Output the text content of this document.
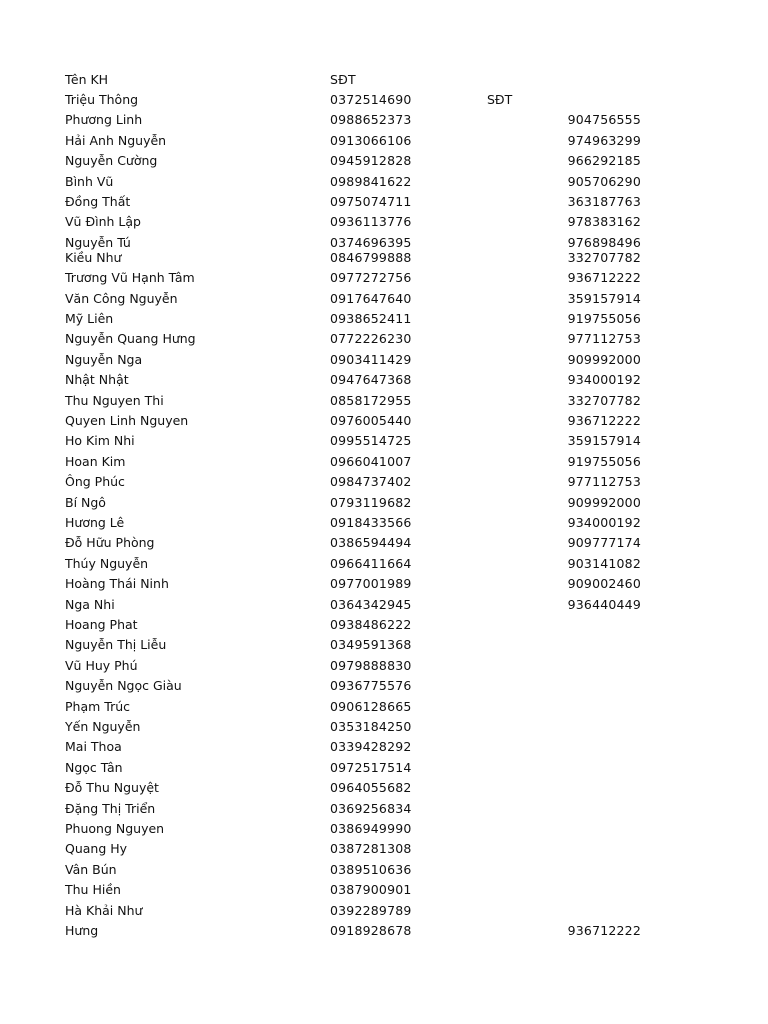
Tên KH	SĐT
Triệu Thông	0372514690	SĐT
Phương Linh	0988652373	904756555
Hải Anh Nguyễn	0913066106	974963299
Nguyễn Cường	0945912828	966292185
Bình Vũ	0989841622	905706290
Đồng Thất	0975074711	363187763
Vũ Đình Lập	0936113776	978383162
Nguyễn Tú	0374696395	976898496
Kiều Như	0846799888	332707782
Trương Vũ Hạnh Tâm	0977272756	936712222
Văn Công Nguyễn	0917647640	359157914
Mỹ Liên	0938652411	919755056
Nguyễn Quang Hưng	0772226230	977112753
Nguyễn Nga	0903411429	909992000
Nhật Nhật	0947647368	934000192
Thu Nguyen Thi	0858172955	332707782
Quyen Linh Nguyen	0976005440	936712222
Ho Kim Nhi	0995514725	359157914
Hoan Kim	0966041007	919755056
Ông Phúc	0984737402	977112753
Bí Ngô	0793119682	909992000
Hương Lê	0918433566	934000192
Đỗ Hữu Phòng	0386594494	909777174
Thúy Nguyễn	0966411664	903141082
Hoàng Thái Ninh	0977001989	909002460
Nga Nhi	0364342945	936440449
Hoang Phat	0938486222
Nguyễn Thị Liễu	0349591368
Vũ Huy Phú	0979888830
Nguyễn Ngọc Giàu	0936775576
Phạm Trúc	0906128665
Yến Nguyễn	0353184250
Mai Thoa	0339428292
Ngọc Tân	0972517514
Đỗ Thu Nguyệt	0964055682
Đặng Thị Triển	0369256834
Phuong Nguyen	0386949990
Quang Hy	0387281308
Vân Bún	0389510636
Thu Hiền	0387900901
Hà Khải Như	0392289789
Hưng	0918928678	936712222
